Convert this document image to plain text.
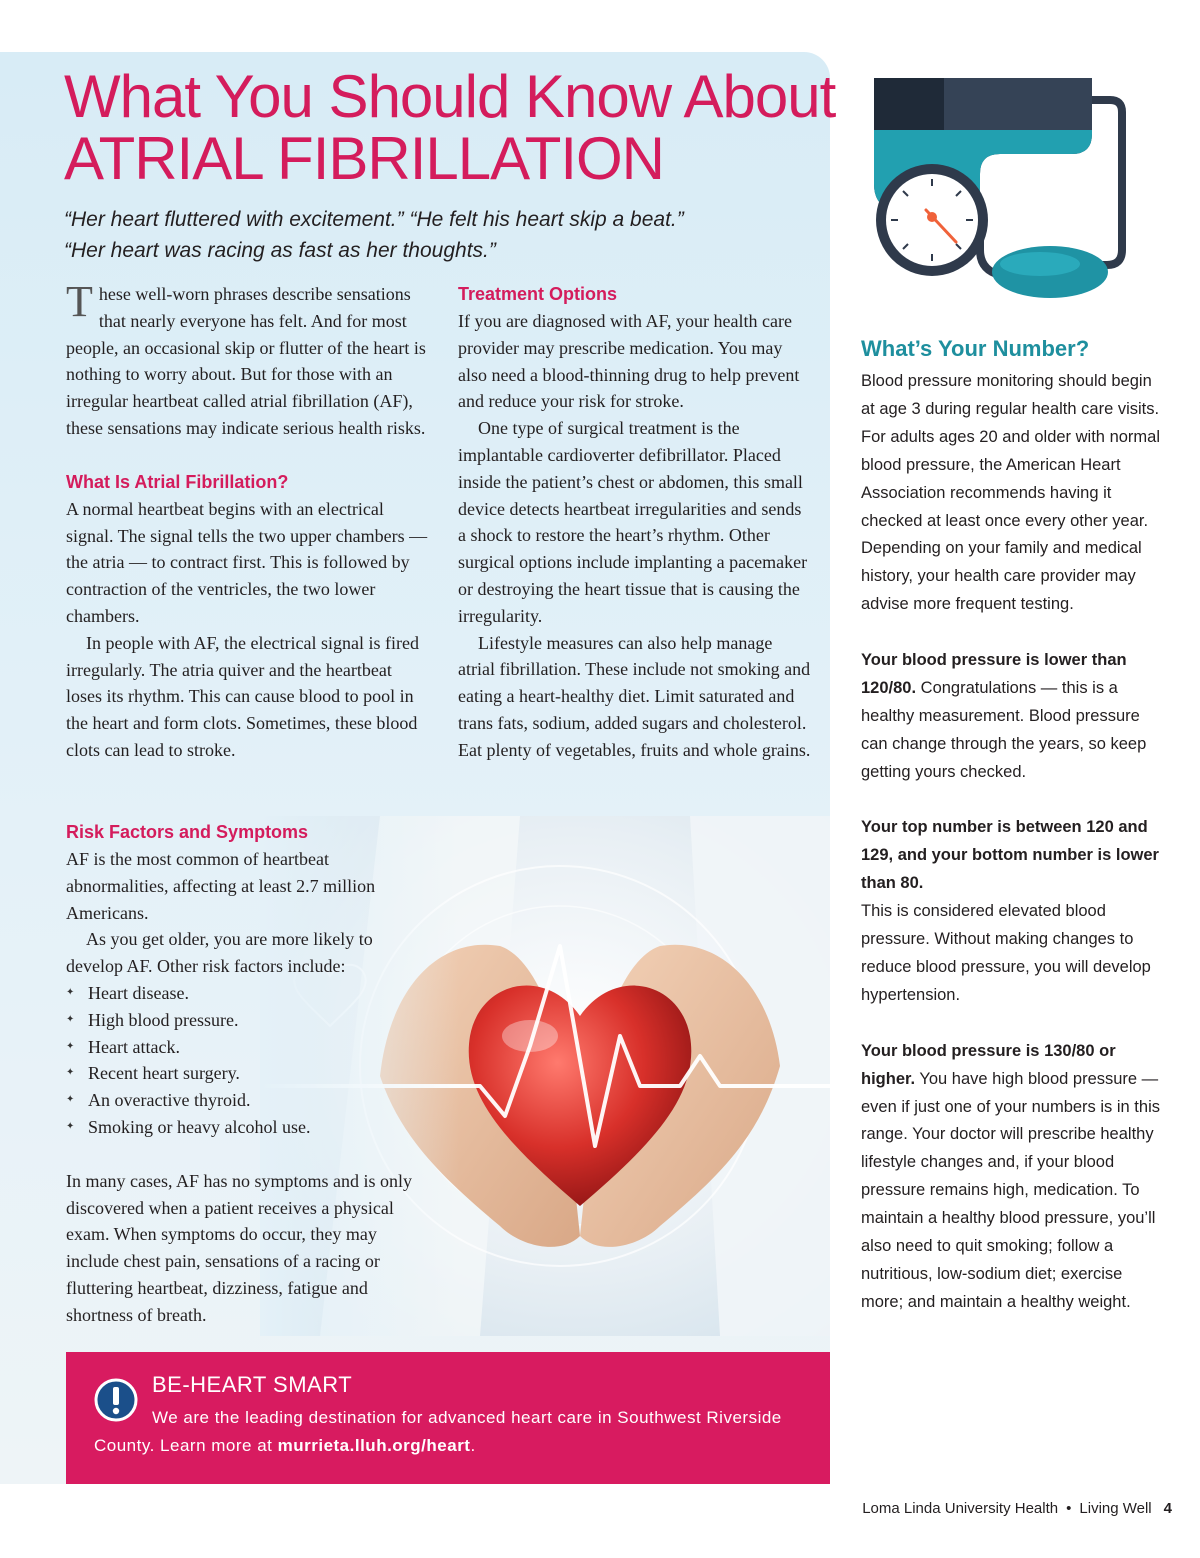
What You Should Know About
ATRIAL FIBRILLATION
“Her heart fluttered with excitement.” “He felt his heart skip a beat.”
“Her heart was racing as fast as her thoughts.”

These well-worn phrases describe sensations that nearly everyone has felt. And for most people, an occasional skip or flutter of the heart is nothing to worry about. But for those with an irregular heartbeat called atrial fibrillation (AF), these sensations may indicate serious health risks.

What Is Atrial Fibrillation?

A normal heartbeat begins with an electrical signal. The signal tells the two upper chambers — the atria — to contract first. This is followed by contraction of the ventricles, the two lower chambers.

In people with AF, the electrical signal is fired irregularly. The atria quiver and the heartbeat loses its rhythm. This can cause blood to pool in the heart and form clots. Sometimes, these blood clots can lead to stroke.

Treatment Options

If you are diagnosed with AF, your health care provider may prescribe medication. You may also need a blood-thinning drug to help prevent and reduce your risk for stroke.

One type of surgical treatment is the implantable cardioverter defibrillator. Placed inside the patient’s chest or abdomen, this small device detects heartbeat irregularities and sends a shock to restore the heart’s rhythm. Other surgical options include implanting a pacemaker or destroying the heart tissue that is causing the irregularity.

Lifestyle measures can also help manage atrial fibrillation. These include not smoking and eating a heart-healthy diet. Limit saturated and trans fats, sodium, added sugars and cholesterol. Eat plenty of vegetables, fruits and whole grains.

Risk Factors and Symptoms

AF is the most common of heartbeat abnormalities, affecting at least 2.7 million Americans.

As you get older, you are more likely to develop AF. Other risk factors include:

✦ Heart disease.
✦ High blood pressure.
✦ Heart attack.
✦ Recent heart surgery.
✦ An overactive thyroid.
✦ Smoking or heavy alcohol use.

In many cases, AF has no symptoms and is only discovered when a patient receives a physical exam. When symptoms do occur, they may include chest pain, sensations of a racing or fluttering heartbeat, dizziness, fatigue and shortness of breath.

BE-HEART SMART
We are the leading destination for advanced heart care in Southwest Riverside County. Learn more at murrieta.lluh.org/heart.
What’s Your Number?

Blood pressure monitoring should begin at age 3 during regular health care visits. For adults ages 20 and older with normal blood pressure, the American Heart Association recommends having it checked at least once every other year. Depending on your family and medical history, your health care provider may advise more frequent testing.

Your blood pressure is lower than 120/80. Congratulations — this is a healthy measurement. Blood pressure can change through the years, so keep getting yours checked.

Your top number is between 120 and 129, and your bottom number is lower than 80.
This is considered elevated blood pressure. Without making changes to reduce blood pressure, you will develop hypertension.

Your blood pressure is 130/80 or higher. You have high blood pressure — even if just one of your numbers is in this range. Your doctor will prescribe healthy lifestyle changes and, if your blood pressure remains high, medication. To maintain a healthy blood pressure, you’ll also need to quit smoking; follow a nutritious, low-sodium diet; exercise more; and maintain a healthy weight.

Loma Linda University Health • Living Well 4
